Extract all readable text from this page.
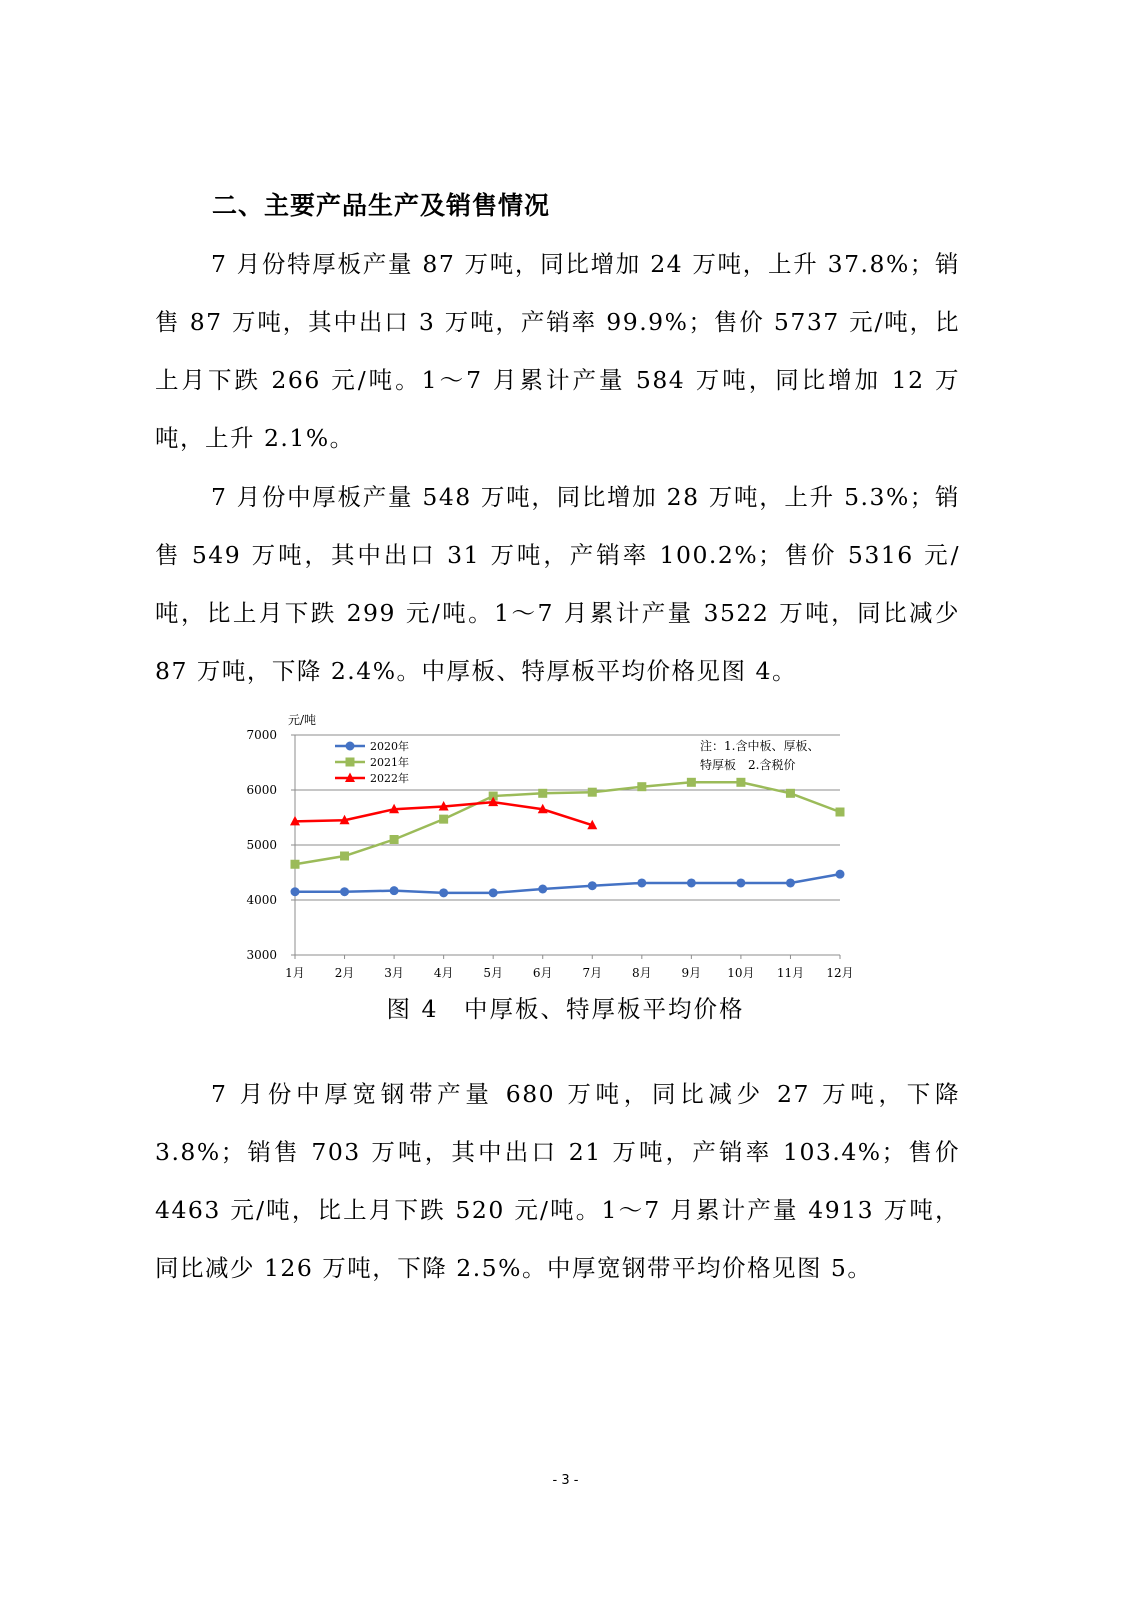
二、主要产品生产及销售情况
7 月份特厚板产量 87 万吨，同比增加 24 万吨，上升 37.8%；销售 87 万吨，其中出口 3 万吨，产销率 99.9%；售价 5737 元/吨，比上月下跌 266 元/吨。1～7 月累计产量 584 万吨，同比增加 12 万吨，上升 2.1%。
7 月份中厚板产量 548 万吨，同比增加 28 万吨，上升 5.3%；销售 549 万吨，其中出口 31 万吨，产销率 100.2%；售价 5316 元/吨，比上月下跌 299 元/吨。1～7 月累计产量 3522 万吨，同比减少 87 万吨，下降 2.4%。中厚板、特厚板平均价格见图 4。
3000
4000
5000
6000
7000
1月 2月 3月 4月 5月 6月 7月 8月 9月 10月 11月 12月
元/吨
2020年
2021年
2022年
注：1.含中板、厚板、
特厚板　2.含税价
图 4　中厚板、特厚板平均价格
7 月份中厚宽钢带产量 680 万吨，同比减少 27 万吨，下降 3.8%；销售 703 万吨，其中出口 21 万吨，产销率 103.4%；售价 4463 元/吨，比上月下跌 520 元/吨。1～7 月累计产量 4913 万吨，同比减少 126 万吨，下降 2.5%。中厚宽钢带平均价格见图 5。
- 3 -
